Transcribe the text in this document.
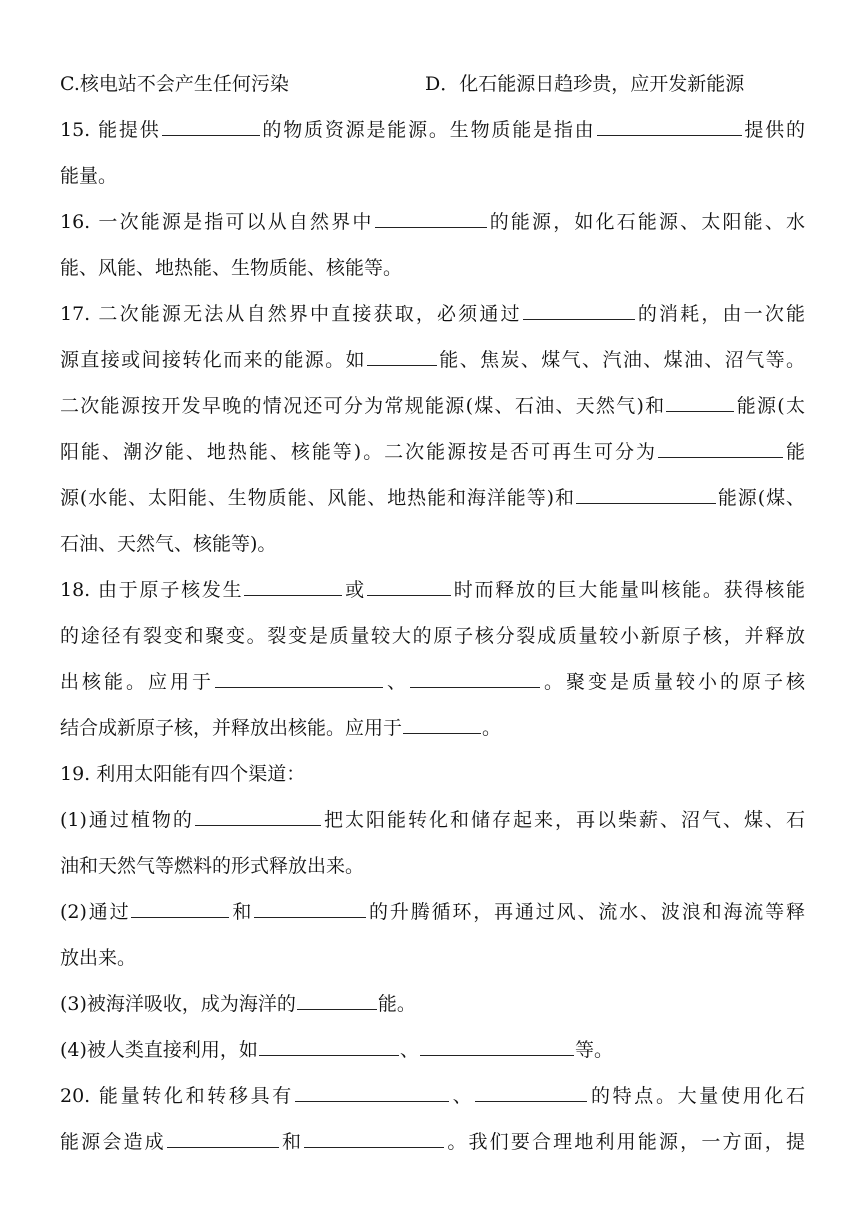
C.核电站不会产生任何污染	D．化石能源日趋珍贵，应开发新能源
15. 能提供	的物质资源是能源。生物质能是指由	提供的
能量。
16. 一次能源是指可以从自然界中	的能源，如化石能源、太阳能、水
能、风能、地热能、生物质能、核能等。
17. 二次能源无法从自然界中直接获取，必须通过	的消耗，由一次能
源直接或间接转化而来的能源。如	能、焦炭、煤气、汽油、煤油、沼气等。
二次能源按开发早晚的情况还可分为常规能源(煤、石油、天然气)和	能源(太
阳能、潮汐能、地热能、核能等)。二次能源按是否可再生可分为	能
源(水能、太阳能、生物质能、风能、地热能和海洋能等)和	能源(煤、
石油、天然气、核能等)。
18. 由于原子核发生	或	时而释放的巨大能量叫核能。获得核能
的途径有裂变和聚变。裂变是质量较大的原子核分裂成质量较小新原子核，并释放
出核能。应用于	、	。聚变是质量较小的原子核
结合成新原子核，并释放出核能。应用于	。
19. 利用太阳能有四个渠道：
(1)通过植物的	把太阳能转化和储存起来，再以柴薪、沼气、煤、石
油和天然气等燃料的形式释放出来。
(2)通过	和	的升腾循环，再通过风、流水、波浪和海流等释
放出来。
(3)被海洋吸收，成为海洋的	能。
(4)被人类直接利用，如	、	等。
20. 能量转化和转移具有	、	的特点。大量使用化石
能源会造成	和	。我们要合理地利用能源，一方面，提
